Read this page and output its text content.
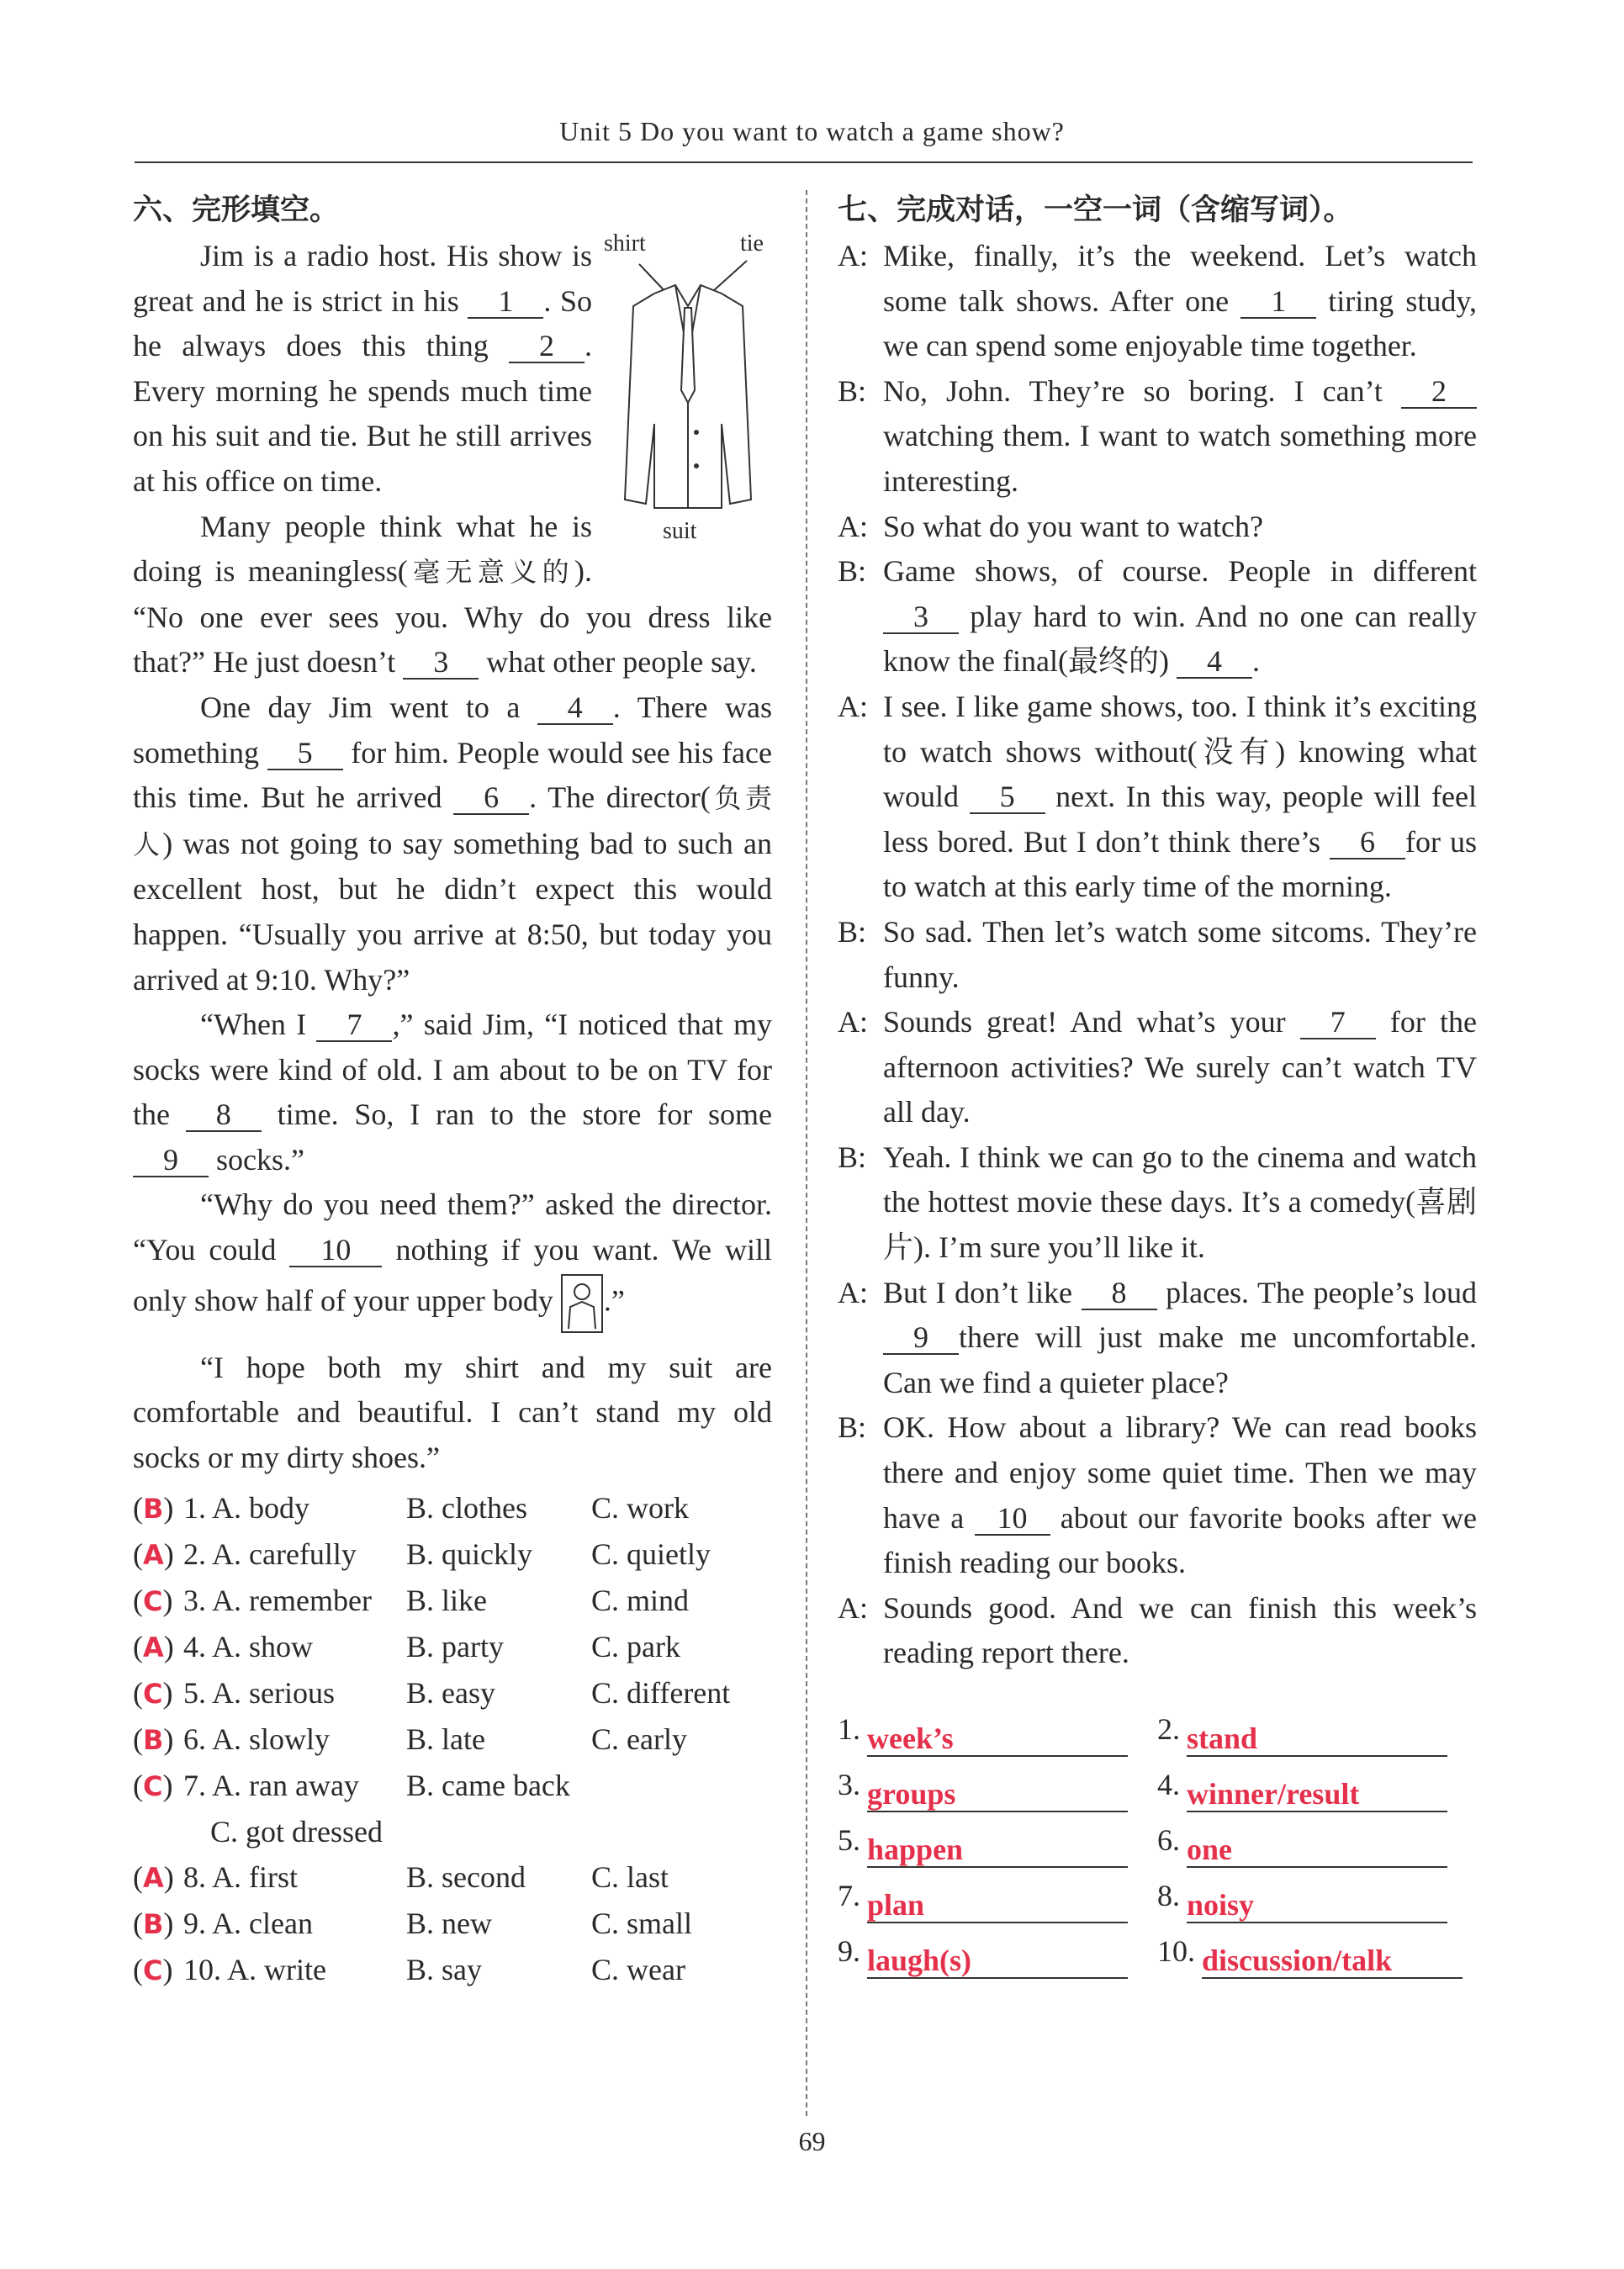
Unit 5 Do you want to watch a game show?
六、完形填空。
shirt	tie
suit

Jim is a radio host. His show is great and he is strict in his 1 . So he always does this thing 2 . Every morning he spends much time on his suit and tie. But he still arrives at his office on time.

Many people think what he is doing is meaningless(毫无意义的). “No one ever sees you. Why do you dress like that?” He just doesn’t 3 what other people say.

One day Jim went to a 4 . There was something 5 for him. People would see his face this time. But he arrived 6 . The director(负责人) was not going to say something bad to such an excellent host, but he didn’t expect this would happen. “Usually you arrive at 8:50, but today you arrived at 9:10. Why?”

“When I 7 ,” said Jim, “I noticed that my socks were kind of old. I am about to be on TV for the 8 time. So, I ran to the store for some 9 socks.”

“Why do you need them?” asked the director. “You could 10 nothing if you want. We will only show half of your upper body .”

“I hope both my shirt and my suit are comfortable and beautiful. I can’t stand my old socks or my dirty shoes.”

(B) 1. A. body	B. clothes	C. work
(A) 2. A. carefully	B. quickly	C. quietly
(C) 3. A. remember	B. like	C. mind
(A) 4. A. show	B. party	C. park
(C) 5. A. serious	B. easy	C. different
(B) 6. A. slowly	B. late	C. early
(C) 7. A. ran away	B. came back
C. got dressed
(A) 8. A. first	B. second	C. last
(B) 9. A. clean	B. new	C. small
(C) 10. A. write	B. say	C. wear
七、完成对话，一空一词（含缩写词）。
A: Mike, finally, it’s the weekend. Let’s watch some talk shows. After one 1 tiring study, we can spend some enjoyable time together.
B: No, John. They’re so boring. I can’t 2 watching them. I want to watch something more interesting.
A: So what do you want to watch?
B: Game shows, of course. People in different 3 play hard to win. And no one can really know the final(最终的) 4 .
A: I see. I like game shows, too. I think it’s exciting to watch shows without(没有) knowing what would 5 next. In this way, people will feel less bored. But I don’t think there’s 6 for us to watch at this early time of the morning.
B: So sad. Then let’s watch some sitcoms. They’re funny.
A: Sounds great! And what’s your 7 for the afternoon activities? We surely can’t watch TV all day.
B: Yeah. I think we can go to the cinema and watch the hottest movie these days. It’s a comedy(喜剧片). I’m sure you’ll like it.
A: But I don’t like 8 places. The people’s loud 9 there will just make me uncomfortable. Can we find a quieter place?
B: OK. How about a library? We can read books there and enjoy some quiet time. Then we may have a 10 about our favorite books after we finish reading our books.
A: Sounds good. And we can finish this week’s reading report there.
1. week’s	2. stand
3. groups	4. winner/result
5. happen	6. one
7. plan	8. noisy
9. laugh(s)	10. discussion/talk
69
